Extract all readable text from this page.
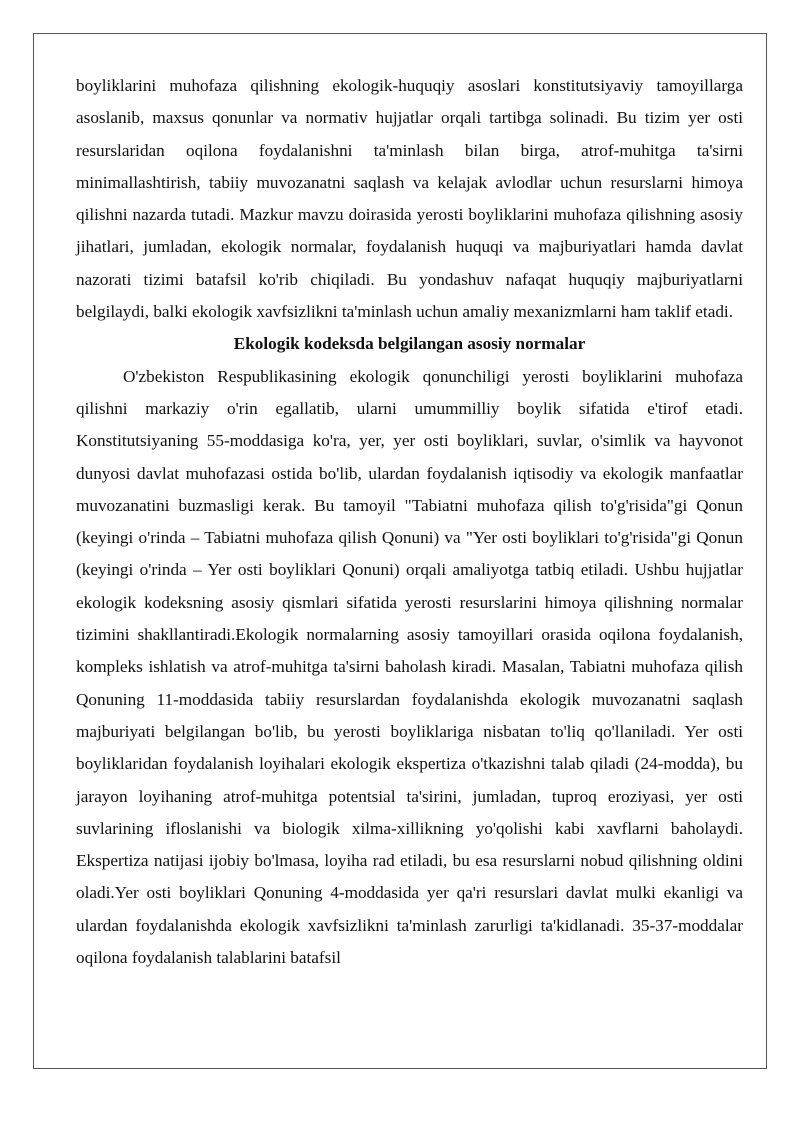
boyliklarini muhofaza qilishning ekologik-huquqiy asoslari konstitutsiyaviy tamoyillarga asoslanib, maxsus qonunlar va normativ hujjatlar orqali tartibga solinadi. Bu tizim yer osti resurslaridan oqilona foydalanishni ta'minlash bilan birga, atrof-muhitga ta'sirni minimallashtirish, tabiiy muvozanatni saqlash va kelajak avlodlar uchun resurslarni himoya qilishni nazarda tutadi. Mazkur mavzu doirasida yerosti boyliklarini muhofaza qilishning asosiy jihatlari, jumladan, ekologik normalar, foydalanish huquqi va majburiyatlari hamda davlat nazorati tizimi batafsil ko'rib chiqiladi. Bu yondashuv nafaqat huquqiy majburiyatlarni belgilaydi, balki ekologik xavfsizlikni ta'minlash uchun amaliy mexanizmlarni ham taklif etadi.

Ekologik kodeksda belgilangan asosiy normalar

O'zbekiston Respublikasining ekologik qonunchiligi yerosti boyliklarini muhofaza qilishni markaziy o'rin egallatib, ularni umummilliy boylik sifatida e'tirof etadi. Konstitutsiyaning 55-moddasiga ko'ra, yer, yer osti boyliklari, suvlar, o'simlik va hayvonot dunyosi davlat muhofazasi ostida bo'lib, ulardan foydalanish iqtisodiy va ekologik manfaatlar muvozanatini buzmasligi kerak. Bu tamoyil "Tabiatni muhofaza qilish to'g'risida"gi Qonun (keyingi o'rinda – Tabiatni muhofaza qilish Qonuni) va "Yer osti boyliklari to'g'risida"gi Qonun (keyingi o'rinda – Yer osti boyliklari Qonuni) orqali amaliyotga tatbiq etiladi. Ushbu hujjatlar ekologik kodeksning asosiy qismlari sifatida yerosti resurslarini himoya qilishning normalar tizimini shakllantiradi.Ekologik normalarning asosiy tamoyillari orasida oqilona foydalanish, kompleks ishlatish va atrof-muhitga ta'sirni baholash kiradi. Masalan, Tabiatni muhofaza qilish Qonuning 11-moddasida tabiiy resurslardan foydalanishda ekologik muvozanatni saqlash majburiyati belgilangan bo'lib, bu yerosti boyliklariga nisbatan to'liq qo'llaniladi. Yer osti boyliklaridan foydalanish loyihalari ekologik ekspertiza o'tkazishni talab qiladi (24-modda), bu jarayon loyihaning atrof-muhitga potentsial ta'sirini, jumladan, tuproq eroziyasi, yer osti suvlarining ifloslanishi va biologik xilma-xillikning yo'qolishi kabi xavflarni baholaydi. Ekspertiza natijasi ijobiy bo'lmasa, loyiha rad etiladi, bu esa resurslarni nobud qilishning oldini oladi.Yer osti boyliklari Qonuning 4-moddasida yer qa'ri resurslari davlat mulki ekanligi va ulardan foydalanishda ekologik xavfsizlikni ta'minlash zarurligi ta'kidlanadi. 35-37-moddalar oqilona foydalanish talablarini batafsil
